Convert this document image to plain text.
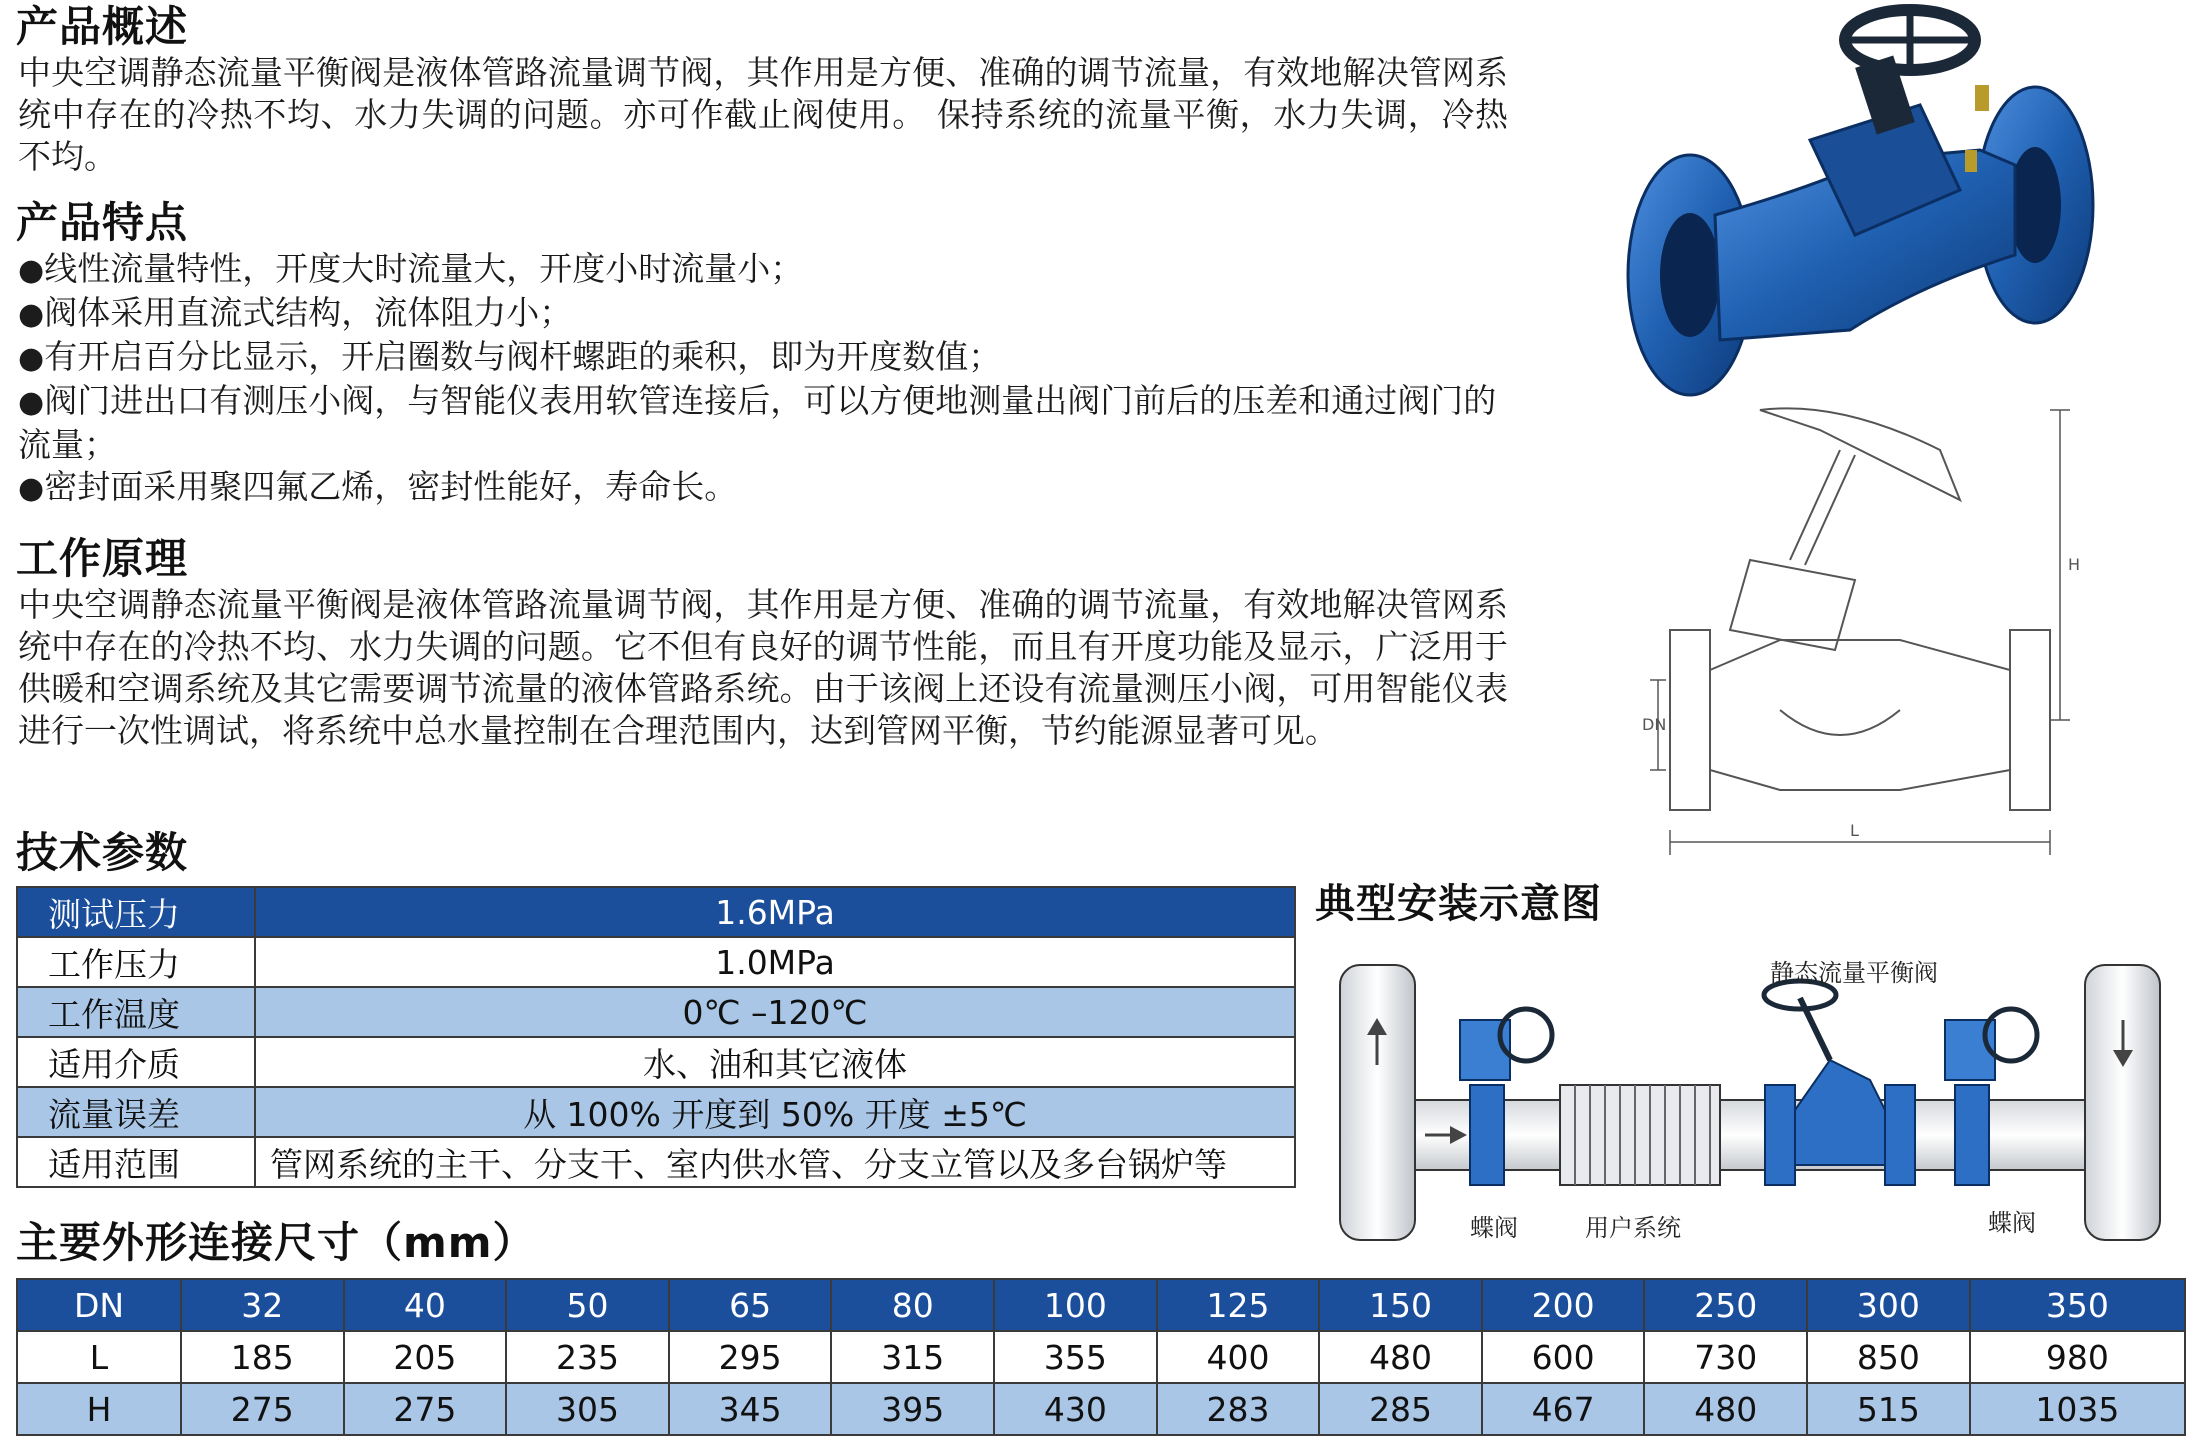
产品概述

中央空调静态流量平衡阀是液体管路流量调节阀，其作用是方便、准确的调节流量，有效地解决管网系统中存在的冷热不均、水力失调的问题。亦可作截止阀使用。 保持系统的流量平衡，水力失调，冷热不均。

产品特点
●线性流量特性，开度大时流量大，开度小时流量小；
●阀体采用直流式结构，流体阻力小；
●有开启百分比显示，开启圈数与阀杆螺距的乘积，即为开度数值；
●阀门进出口有测压小阀，与智能仪表用软管连接后，可以方便地测量出阀门前后的压差和通过阀门的流量；
●密封面采用聚四氟乙烯，密封性能好，寿命长。
工作原理

中央空调静态流量平衡阀是液体管路流量调节阀，其作用是方便、准确的调节流量，有效地解决管网系统中存在的冷热不均、水力失调的问题。它不但有良好的调节性能，而且有开度功能及显示，广泛用于供暖和空调系统及其它需要调节流量的液体管路系统。由于该阀上还设有流量测压小阀，可用智能仪表进行一次性调试，将系统中总水量控制在合理范围内，达到管网平衡，节约能源显著可见。

技术参数
测试压力	1.6MPa
工作压力	1.0MPa
工作温度	0℃ –120℃
适用介质	水、油和其它液体
流量误差	从 100% 开度到 50% 开度 ±5℃
适用范围	管网系统的主干、分支干、室内供水管、分支立管以及多台锅炉等
主要外形连接尺寸（mm）
DN	32	40	50	65	80	100	125	150	200	250	300	350
L	185	205	235	295	315	355	400	480	600	730	850	980
H	275	275	305	345	395	430	283	285	467	480	515	1035
H
DN
L
典型安装示意图
静态流量平衡阀
蝶阀	用户系统	蝶阀
